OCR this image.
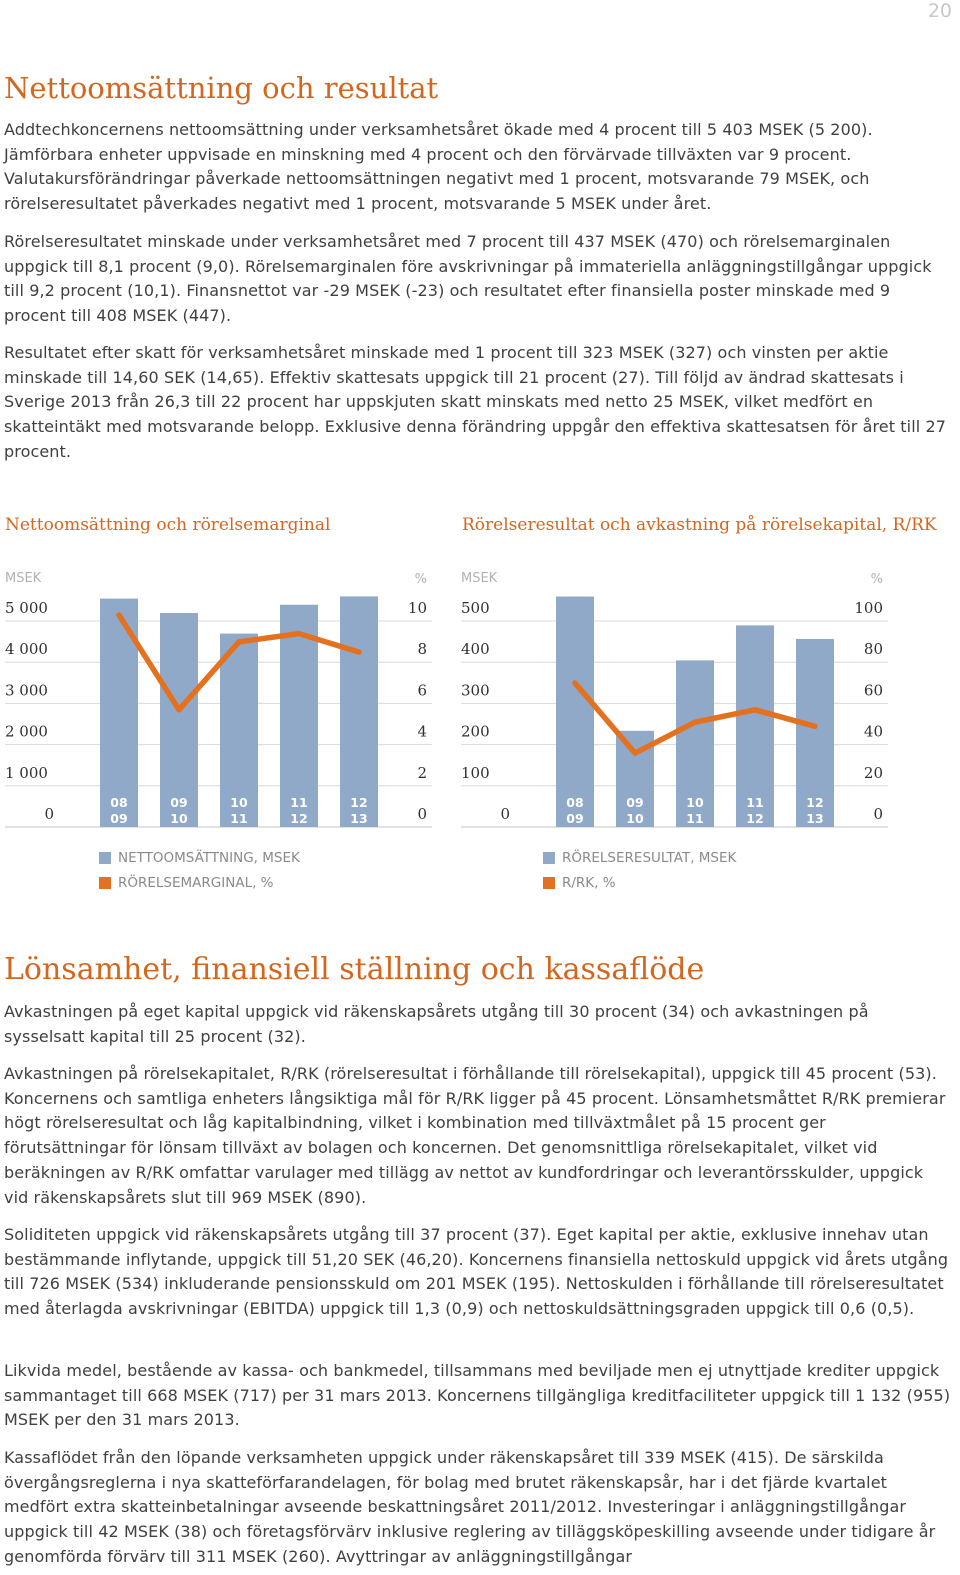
20
Nettoomsättning och resultat

Addtechkoncernens nettoomsättning under verksamhetsåret ökade med 4 procent till 5 403 MSEK (5 200). Jämförbara enheter uppvisade en minskning med 4 procent och den förvärvade tillväxten var 9 procent. Valutakursförändringar påverkade nettoomsättningen negativt med 1 procent, motsvarande 79 MSEK, och rörelseresultatet påverkades negativt med 1 procent, motsvarande 5 MSEK under året.

Rörelseresultatet minskade under verksamhetsåret med 7 procent till 437 MSEK (470) och rörelsemarginalen uppgick till 8,1 procent (9,0). Rörelsemarginalen före avskrivningar på immateriella anläggningstillgångar uppgick till 9,2 procent (10,1). Finansnettot var -29 MSEK (-23) och resultatet efter finansiella poster minskade med 9 procent till 408 MSEK (447).

Resultatet efter skatt för verksamhetsåret minskade med 1 procent till 323 MSEK (327) och vinsten per aktie minskade till 14,60 SEK (14,65). Effektiv skattesats uppgick till 21 procent (27). Till följd av ändrad skattesats i Sverige 2013 från 26,3 till 22 procent har uppskjuten skatt minskats med netto 25 MSEK, vilket medfört en skatteintäkt med motsvarande belopp. Exklusive denna förändring uppgår den effektiva skattesatsen för året till 27 procent.

Nettoomsättning och rörelsemarginal	Rörelseresultat och avkastning på rörelsekapital, R/RK
MSEK	%
0
1 000
2 000
3 000
4 000
5 000
0
2
4
6
8
10
08
09
09
10
10
11
11
12
12
13
MSEK	%
0
100
200
300
400
500
0
20
40
60
80
100
08
09
09
10
10
11
11
12
12
13
NETTOOMSÄTTNING, MSEK
RÖRELSEMARGINAL, %
RÖRELSERESULTAT, MSEK
R/RK, %
Lönsamhet, finansiell ställning och kassaflöde

Avkastningen på eget kapital uppgick vid räkenskapsårets utgång till 30 procent (34) och avkastningen på sysselsatt kapital till 25 procent (32).

Avkastningen på rörelsekapitalet, R/RK (rörelseresultat i förhållande till rörelsekapital), uppgick till 45 procent (53). Koncernens och samtliga enheters långsiktiga mål för R/RK ligger på 45 procent. Lönsamhetsmåttet R/RK premierar högt rörelseresultat och låg kapitalbindning, vilket i kombination med tillväxtmålet på 15 procent ger förutsättningar för lönsam tillväxt av bolagen och koncernen. Det genomsnittliga rörelsekapitalet, vilket vid beräkningen av R/RK omfattar varulager med tillägg av nettot av kundfordringar och leverantörsskulder, uppgick vid räkenskapsårets slut till 969 MSEK (890).

Soliditeten uppgick vid räkenskapsårets utgång till 37 procent (37). Eget kapital per aktie, exklusive innehav utan bestämmande inflytande, uppgick till 51,20 SEK (46,20). Koncernens finansiella nettoskuld uppgick vid årets utgång till 726 MSEK (534) inkluderande pensionsskuld om 201 MSEK (195). Nettoskulden i förhållande till rörelseresultatet med återlagda avskrivningar (EBITDA) uppgick till 1,3 (0,9) och nettoskuldsättningsgraden uppgick till 0,6 (0,5).

Likvida medel, bestående av kassa- och bankmedel, tillsammans med beviljade men ej utnyttjade krediter uppgick sammantaget till 668 MSEK (717) per 31 mars 2013. Koncernens tillgängliga kreditfaciliteter uppgick till 1 132 (955) MSEK per den 31 mars 2013.

Kassaflödet från den löpande verksamheten uppgick under räkenskapsåret till 339 MSEK (415). De särskilda övergångsreglerna i nya skatteförfarandelagen, för bolag med brutet räkenskapsår, har i det fjärde kvartalet medfört extra skatteinbetalningar avseende beskattningsåret 2011/2012. Investeringar i anläggningstillgångar uppgick till 42 MSEK (38) och företagsförvärv inklusive reglering av tilläggsköpeskilling avseende under tidigare år genomförda förvärv till 311 MSEK (260). Avyttringar av anläggningstillgångar
